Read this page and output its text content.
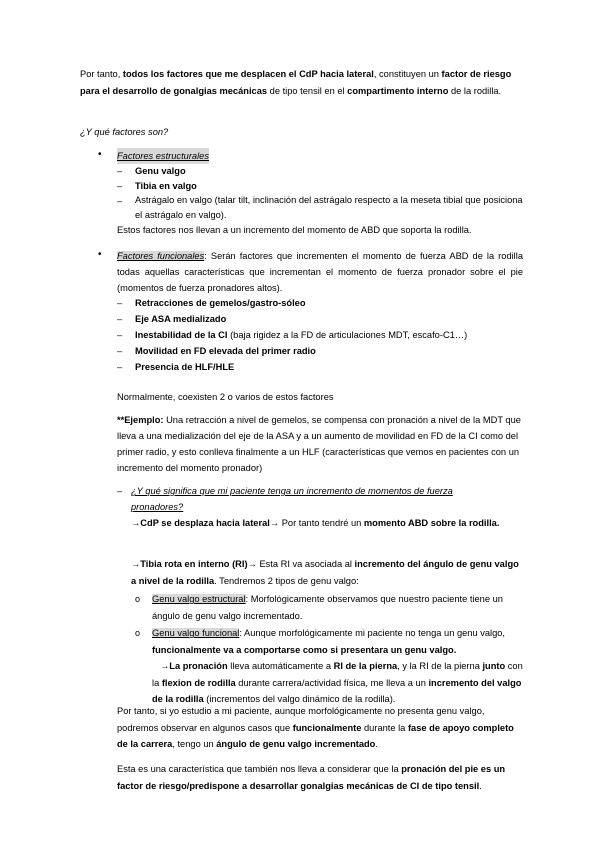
Por tanto, todos los factores que me desplacen el CdP hacia lateral, constituyen un factor de riesgo para el desarrollo de gonalgias mecánicas de tipo tensil en el compartimento interno de la rodilla.
¿Y qué factores son?
• Factores estructurales
– Genu valgo
– Tibia en valgo
– Astrágalo en valgo (talar tilt, inclinación del astrágalo respecto a la meseta tibial que posiciona el astrágalo en valgo).
Estos factores nos llevan a un incremento del momento de ABD que soporta la rodilla.
• Factores funcionales: Serán factores que incrementen el momento de fuerza ABD de la rodilla todas aquellas características que incrementan el momento de fuerza pronador sobre el pie (momentos de fuerza pronadores altos).
– Retracciones de gemelos/gastro-sóleo
– Eje ASA medializado
– Inestabilidad de la CI (baja rigidez a la FD de articulaciones MDT, escafo-C1…)
– Movilidad en FD elevada del primer radio
– Presencia de HLF/HLE
Normalmente, coexisten 2 o varios de estos factores
**Ejemplo: Una retracción a nivel de gemelos, se compensa con pronación a nivel de la MDT que lleva a una medialización del eje de la ASA y a un aumento de movilidad en FD de la CI como del primer radio, y esto conlleva finalmente a un HLF (características que vemos en pacientes con un incremento del momento pronador)
– ¿Y qué significa que mi paciente tenga un incremento de momentos de fuerza pronadores?
→CdP se desplaza hacia lateral→ Por tanto tendré un momento ABD sobre la rodilla.
→Tibia rota en interno (RI)→ Esta RI va asociada al incremento del ángulo de genu valgo a nivel de la rodilla. Tendremos 2 tipos de genu valgo:
o Genu valgo estructural: Morfológicamente observamos que nuestro paciente tiene un ángulo de genu valgo incrementado.
o Genu valgo funcional: Aunque morfológicamente mi paciente no tenga un genu valgo, funcionalmente va a comportarse como si presentara un genu valgo.
→La pronación lleva automáticamente a RI de la pierna, y la RI de la pierna junto con la flexion de rodilla durante carrera/actividad física, me lleva a un incremento del valgo de la rodilla (incrementos del valgo dinámico de la rodilla).
Por tanto, si yo estudio a mi paciente, aunque morfológicamente no presenta genu valgo, podremos observar en algunos casos que funcionalmente durante la fase de apoyo completo de la carrera, tengo un ángulo de genu valgo incrementado.
Esta es una característica que también nos lleva a considerar que la pronación del pie es un factor de riesgo/predispone a desarrollar gonalgias mecánicas de CI de tipo tensil.
